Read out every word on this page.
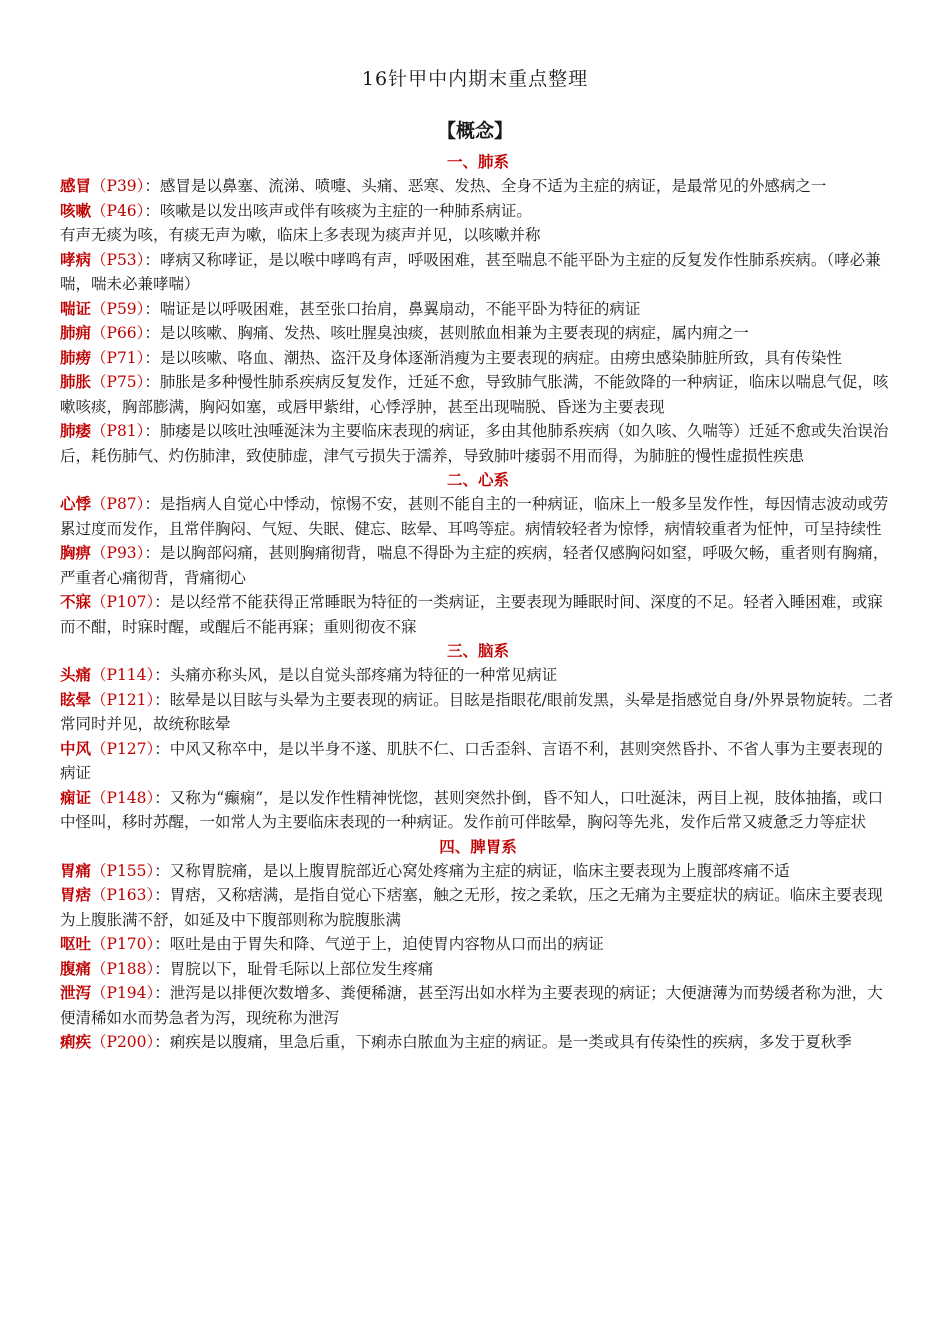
16针甲中内期末重点整理
【概念】
一、肺系

感冒（P39）：感冒是以鼻塞、流涕、喷嚏、头痛、恶寒、发热、全身不适为主症的病证，是最常见的外感病之一

咳嗽（P46）：咳嗽是以发出咳声或伴有咳痰为主症的一种肺系病证。

有声无痰为咳，有痰无声为嗽，临床上多表现为痰声并见，以咳嗽并称

哮病（P53）：哮病又称哮证，是以喉中哮鸣有声，呼吸困难，甚至喘息不能平卧为主症的反复发作性肺系疾病。（哮必兼喘，喘未必兼哮喘）

喘证（P59）：喘证是以呼吸困难，甚至张口抬肩，鼻翼扇动，不能平卧为特征的病证

肺痈（P66）：是以咳嗽、胸痛、发热、咳吐腥臭浊痰，甚则脓血相兼为主要表现的病症，属内痈之一

肺痨（P71）：是以咳嗽、咯血、潮热、盗汗及身体逐渐消瘦为主要表现的病症。由痨虫感染肺脏所致，具有传染性

肺胀（P75）：肺胀是多种慢性肺系疾病反复发作，迁延不愈，导致肺气胀满，不能敛降的一种病证，临床以喘息气促，咳嗽咳痰，胸部膨满，胸闷如塞，或唇甲紫绀，心悸浮肿，甚至出现喘脱、昏迷为主要表现

肺痿（P81）：肺痿是以咳吐浊唾涎沫为主要临床表现的病证，多由其他肺系疾病（如久咳、久喘等）迁延不愈或失治误治后，耗伤肺气、灼伤肺津，致使肺虚，津气亏损失于濡养，导致肺叶痿弱不用而得，为肺脏的慢性虚损性疾患

二、心系

心悸（P87）：是指病人自觉心中悸动，惊惕不安，甚则不能自主的一种病证，临床上一般多呈发作性，每因情志波动或劳累过度而发作，且常伴胸闷、气短、失眠、健忘、眩晕、耳鸣等症。病情较轻者为惊悸，病情较重者为怔忡，可呈持续性

胸痹（P93）：是以胸部闷痛，甚则胸痛彻背，喘息不得卧为主症的疾病，轻者仅感胸闷如窒，呼吸欠畅，重者则有胸痛，严重者心痛彻背，背痛彻心

不寐（P107）：是以经常不能获得正常睡眠为特征的一类病证，主要表现为睡眠时间、深度的不足。轻者入睡困难，或寐而不酣，时寐时醒，或醒后不能再寐；重则彻夜不寐

三、脑系

头痛（P114）：头痛亦称头风，是以自觉头部疼痛为特征的一种常见病证

眩晕（P121）：眩晕是以目眩与头晕为主要表现的病证。目眩是指眼花/眼前发黑，头晕是指感觉自身/外界景物旋转。二者常同时并见，故统称眩晕

中风（P127）：中风又称卒中，是以半身不遂、肌肤不仁、口舌歪斜、言语不利，甚则突然昏扑、不省人事为主要表现的病证

痫证（P148）：又称为“癫痫”，是以发作性精神恍惚，甚则突然扑倒，昏不知人，口吐涎沫，两目上视，肢体抽搐，或口中怪叫，移时苏醒，一如常人为主要临床表现的一种病证。发作前可伴眩晕，胸闷等先兆，发作后常又疲惫乏力等症状

四、脾胃系

胃痛（P155）：又称胃脘痛，是以上腹胃脘部近心窝处疼痛为主症的病证，临床主要表现为上腹部疼痛不适

胃痞（P163）：胃痞，又称痞满，是指自觉心下痞塞，触之无形，按之柔软，压之无痛为主要症状的病证。临床主要表现为上腹胀满不舒，如延及中下腹部则称为脘腹胀满

呕吐（P170）：呕吐是由于胃失和降、气逆于上，迫使胃内容物从口而出的病证

腹痛（P188）：胃脘以下，耻骨毛际以上部位发生疼痛

泄泻（P194）：泄泻是以排便次数增多、粪便稀溏，甚至泻出如水样为主要表现的病证；大便溏薄为而势缓者称为泄，大便清稀如水而势急者为泻，现统称为泄泻

痢疾（P200）：痢疾是以腹痛，里急后重，下痢赤白脓血为主症的病证。是一类或具有传染性的疾病，多发于夏秋季
